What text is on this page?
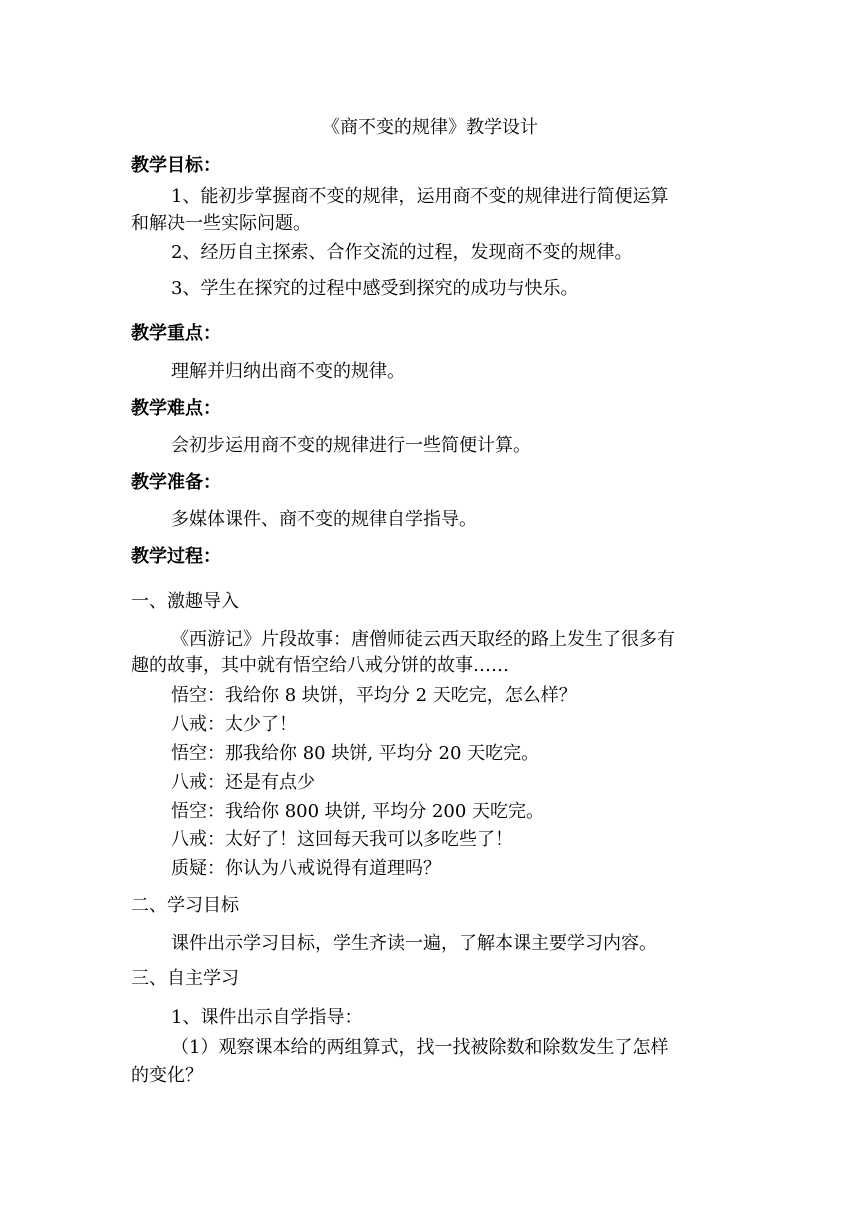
《商不变的规律》教学设计
教学目标：
1、能初步掌握商不变的规律，运用商不变的规律进行简便运算
和解决一些实际问题。
2、经历自主探索、合作交流的过程，发现商不变的规律。
3、学生在探究的过程中感受到探究的成功与快乐。
教学重点：
理解并归纳出商不变的规律。
教学难点：
会初步运用商不变的规律进行一些简便计算。
教学准备：
多媒体课件、商不变的规律自学指导。
教学过程：
一、激趣导入
《西游记》片段故事：唐僧师徒云西天取经的路上发生了很多有
趣的故事，其中就有悟空给八戒分饼的故事……
悟空：我给你 8 块饼，平均分 2 天吃完，怎么样？
八戒：太少了！
悟空：那我给你 80 块饼, 平均分 20 天吃完。
八戒：还是有点少
悟空：我给你 800 块饼, 平均分 200 天吃完。
八戒：太好了！这回每天我可以多吃些了！
质疑：你认为八戒说得有道理吗？
二、学习目标
课件出示学习目标，学生齐读一遍，了解本课主要学习内容。
三、自主学习
1、课件出示自学指导：
（1）观察课本给的两组算式，找一找被除数和除数发生了怎样
的变化？
